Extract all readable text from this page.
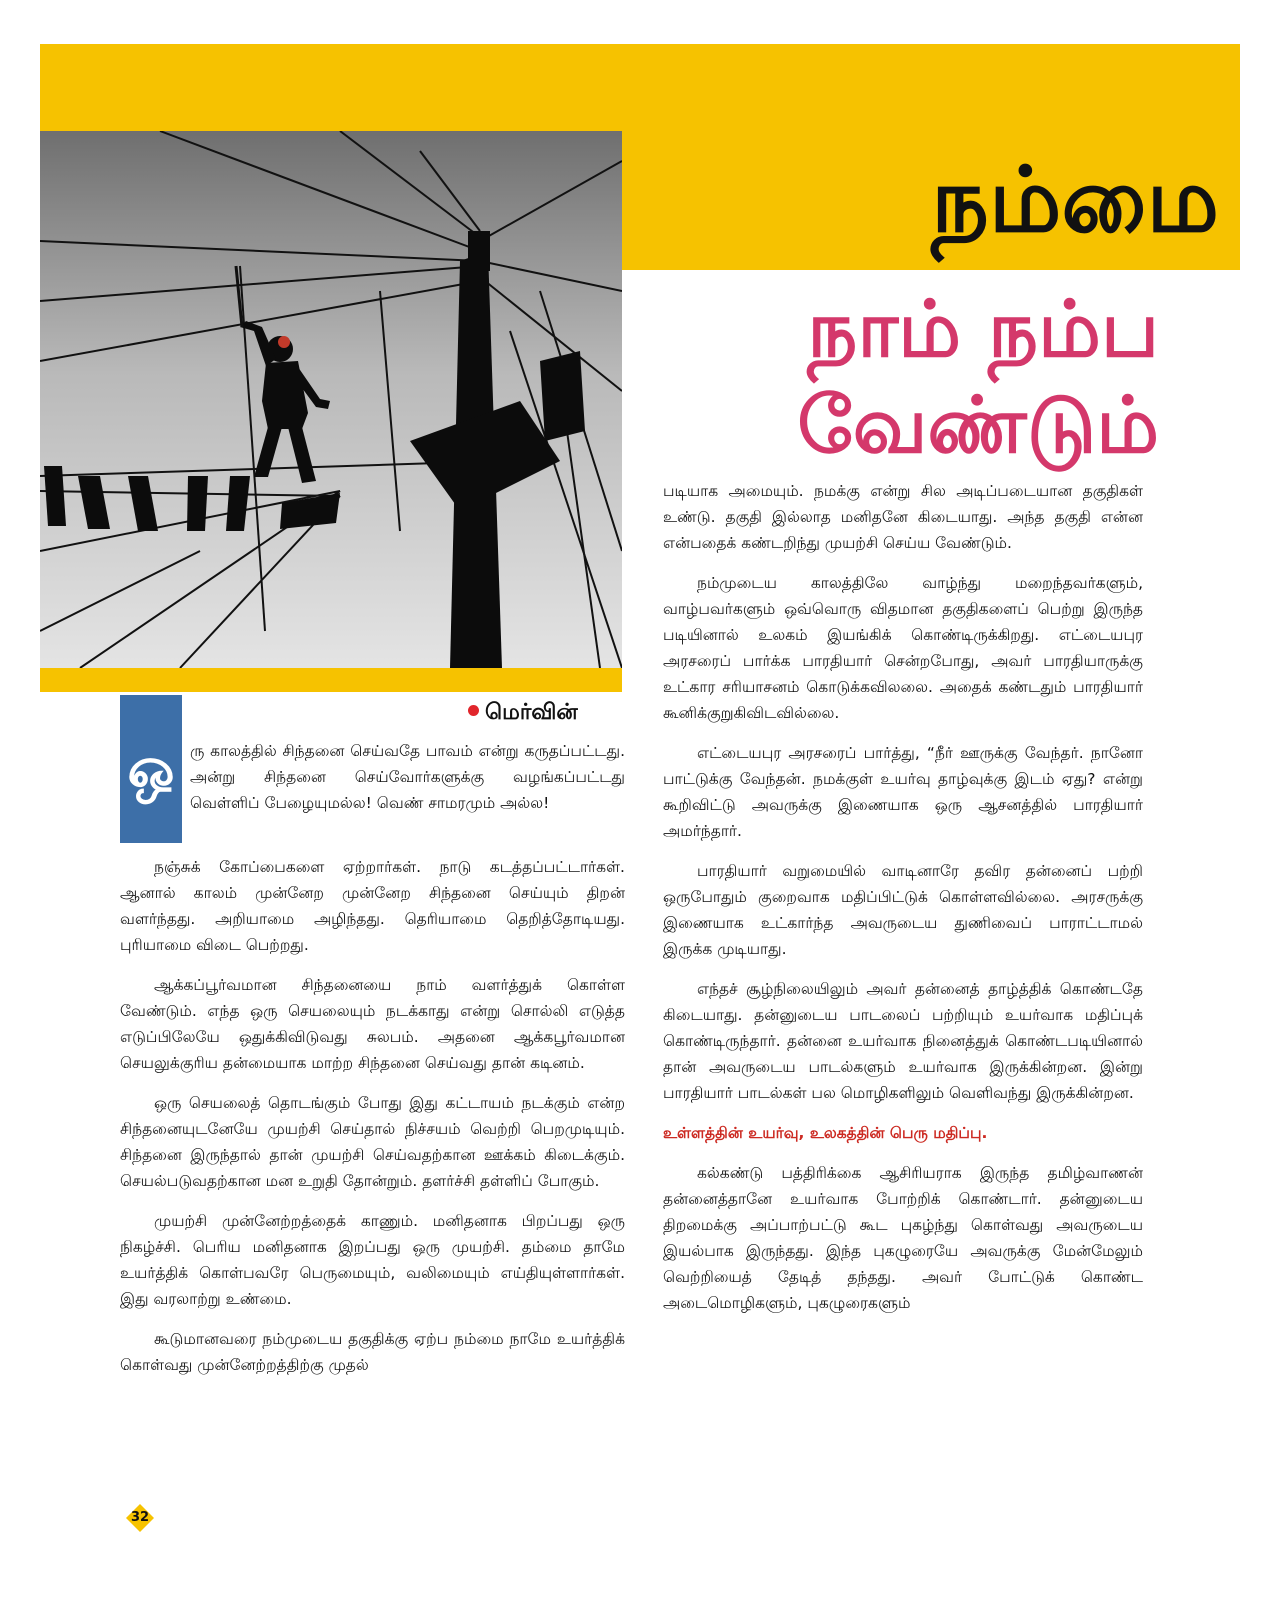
நம்மை
நாம் நம்ப
வேண்டும்
மெர்வின்
ஒ ரு காலத்தில் சிந்தனை செய்வதே பாவம் என்று கருதப்பட்டது. அன்று சிந்தனை செய்வோர்களுக்கு வழங்கப்பட்டது வெள்ளிப் பேழையுமல்ல! வெண் சாமரமும் அல்ல!

நஞ்சுக் கோப்பைகளை ஏற்றார்கள். நாடு கடத்தப்பட்டார்கள். ஆனால் காலம் முன்னேற முன்னேற சிந்தனை செய்யும் திறன் வளர்ந்தது. அறியாமை அழிந்தது. தெரியாமை தெறித்தோடியது. புரியாமை விடை பெற்றது.

ஆக்கப்பூர்வமான சிந்தனையை நாம் வளர்த்துக் கொள்ள வேண்டும். எந்த ஒரு செயலையும் நடக்காது என்று சொல்லி எடுத்த எடுப்பிலேயே ஒதுக்கிவிடுவது சுலபம். அதனை ஆக்கபூர்வமான செயலுக்குரிய தன்மையாக மாற்ற சிந்தனை செய்வது தான் கடினம்.

ஒரு செயலைத் தொடங்கும் போது இது கட்டாயம் நடக்கும் என்ற சிந்தனையுடனேயே முயற்சி செய்தால் நிச்சயம் வெற்றி பெறமுடியும். சிந்தனை இருந்தால் தான் முயற்சி செய்வதற்கான ஊக்கம் கிடைக்கும். செயல்படுவதற்கான மன உறுதி தோன்றும். தளர்ச்சி தள்ளிப் போகும்.

முயற்சி முன்னேற்றத்தைக் காணும். மனிதனாக பிறப்பது ஒரு நிகழ்ச்சி. பெரிய மனிதனாக இறப்பது ஒரு முயற்சி. தம்மை தாமே உயர்த்திக் கொள்பவரே பெருமையும், வலிமையும் எய்தியுள்ளார்கள். இது வரலாற்று உண்மை.

கூடுமானவரை நம்முடைய தகுதிக்கு ஏற்ப நம்மை நாமே உயர்த்திக் கொள்வது முன்னேற்றத்திற்கு முதல்

படியாக அமையும். நமக்கு என்று சில அடிப்படையான தகுதிகள் உண்டு. தகுதி இல்லாத மனிதனே கிடையாது. அந்த தகுதி என்ன என்பதைக் கண்டறிந்து முயற்சி செய்ய வேண்டும்.

நம்முடைய காலத்திலே வாழ்ந்து மறைந்தவர்களும், வாழ்பவர்களும் ஒவ்வொரு விதமான தகுதிகளைப் பெற்று இருந்த படியினால் உலகம் இயங்கிக் கொண்டிருக்கிறது. எட்டையபுர அரசரைப் பார்க்க பாரதியார் சென்றபோது, அவர் பாரதியாருக்கு உட்கார சரியாசனம் கொடுக்கவிலலை. அதைக் கண்டதும் பாரதியார் கூனிக்குறுகிவிடவில்லை.

எட்டையபுர அரசரைப் பார்த்து, “நீர் ஊருக்கு வேந்தர். நானோ பாட்டுக்கு வேந்தன். நமக்குள் உயர்வு தாழ்வுக்கு இடம் ஏது? என்று கூறிவிட்டு அவருக்கு இணையாக ஒரு ஆசனத்தில் பாரதியார் அமர்ந்தார்.

பாரதியார் வறுமையில் வாடினாரே தவிர தன்னைப் பற்றி ஒருபோதும் குறைவாக மதிப்பிட்டுக் கொள்ளவில்லை. அரசருக்கு இணையாக உட்கார்ந்த அவருடைய துணிவைப் பாராட்டாமல் இருக்க முடியாது.

எந்தச் சூழ்நிலையிலும் அவர் தன்னைத் தாழ்த்திக் கொண்டதே கிடையாது. தன்னுடைய பாடலைப் பற்றியும் உயர்வாக மதிப்புக் கொண்டிருந்தார். தன்னை உயர்வாக நினைத்துக் கொண்டபடியினால் தான் அவருடைய பாடல்களும் உயர்வாக இருக்கின்றன. இன்று பாரதியார் பாடல்கள் பல மொழிகளிலும் வெளிவந்து இருக்கின்றன.

உள்ளத்தின் உயர்வு, உலகத்தின் பெரு மதிப்பு.

கல்கண்டு பத்திரிக்கை ஆசிரியராக இருந்த தமிழ்வாணன் தன்னைத்தானே உயர்வாக போற்றிக் கொண்டார். தன்னுடைய திறமைக்கு அப்பாற்பட்டு கூட புகழ்ந்து கொள்வது அவருடைய இயல்பாக இருந்தது. இந்த புகழுரையே அவருக்கு மேன்மேலும் வெற்றியைத் தேடித் தந்தது. அவர் போட்டுக் கொண்ட அடைமொழிகளும், புகழுரைகளும்

32
